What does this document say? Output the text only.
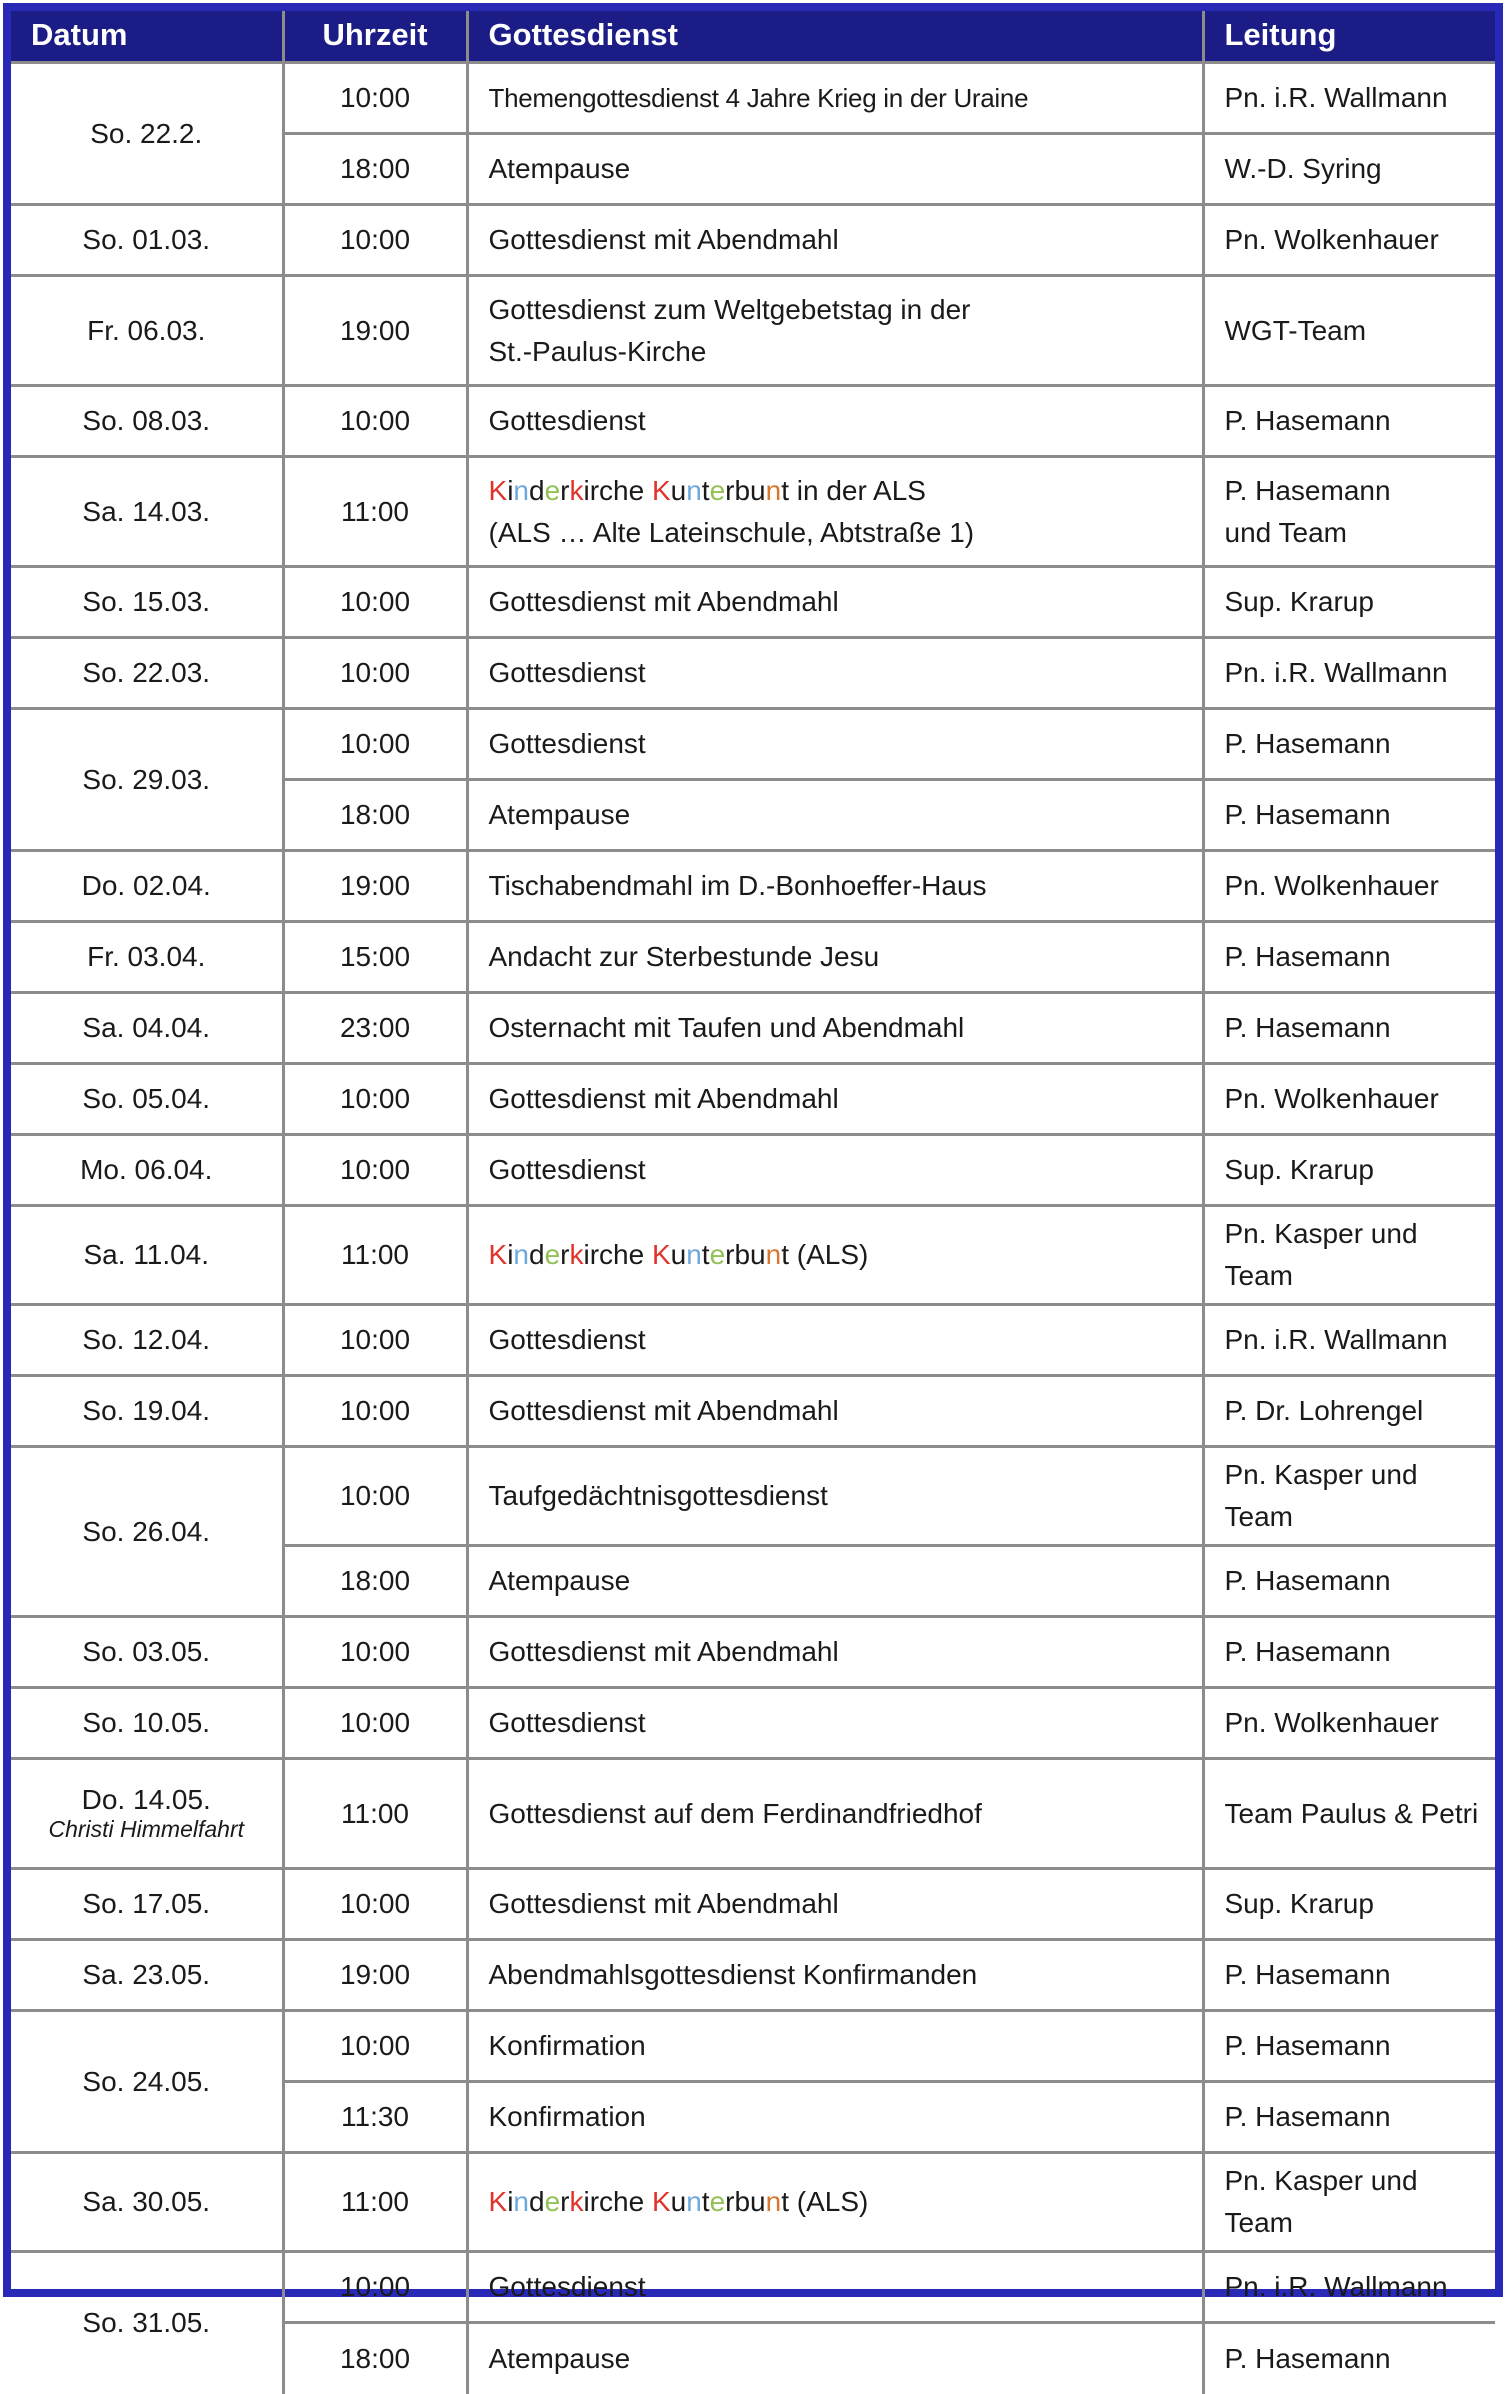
Datum	Uhrzeit	Gottesdienst	Leitung
So. 22.2.	10:00	Themengottesdienst 4 Jahre Krieg in der Uraine	Pn. i.R. Wallmann

	18:00	Atempause	W.-D. Syring

So. 01.03.	10:00	Gottesdienst mit Abendmahl	Pn. Wolkenhauer

Fr. 06.03.	19:00	Gottesdienst zum Weltgebetstag in der
St.-Paulus-Kirche	WGT-Team

So. 08.03.	10:00	Gottesdienst	P. Hasemann

Sa. 14.03.	11:00	Kinderkirche Kunterbunt in der ALS
(ALS … Alte Lateinschule, Abtstraße 1)	P. Hasemann
und Team

So. 15.03.	10:00	Gottesdienst mit Abendmahl	Sup. Krarup

So. 22.03.	10:00	Gottesdienst	Pn. i.R. Wallmann

So. 29.03.	10:00	Gottesdienst	P. Hasemann

	18:00	Atempause	P. Hasemann

Do. 02.04.	19:00	Tischabendmahl im D.-Bonhoeffer-Haus	Pn. Wolkenhauer

Fr. 03.04.	15:00	Andacht zur Sterbestunde Jesu	P. Hasemann

Sa. 04.04.	23:00	Osternacht mit Taufen und Abendmahl	P. Hasemann

So. 05.04.	10:00	Gottesdienst mit Abendmahl	Pn. Wolkenhauer

Mo. 06.04.	10:00	Gottesdienst	Sup. Krarup

Sa. 11.04.	11:00	Kinderkirche Kunterbunt (ALS)	Pn. Kasper und Team

So. 12.04.	10:00	Gottesdienst	Pn. i.R. Wallmann

So. 19.04.	10:00	Gottesdienst mit Abendmahl	P. Dr. Lohrengel

So. 26.04.	10:00	Taufgedächtnisgottesdienst	Pn. Kasper und Team

	18:00	Atempause	P. Hasemann

So. 03.05.	10:00	Gottesdienst mit Abendmahl	P. Hasemann

So. 10.05.	10:00	Gottesdienst	Pn. Wolkenhauer

Do. 14.05.
Christi Himmelfahrt	11:00	Gottesdienst auf dem Ferdinandfriedhof	Team Paulus & Petri

So. 17.05.	10:00	Gottesdienst mit Abendmahl	Sup. Krarup

Sa. 23.05.	19:00	Abendmahlsgottesdienst Konfirmanden	P. Hasemann

So. 24.05.	10:00	Konfirmation	P. Hasemann

	11:30	Konfirmation	P. Hasemann

Sa. 30.05.	11:00	Kinderkirche Kunterbunt (ALS)	Pn. Kasper und Team

So. 31.05.	10:00	Gottesdienst	Pn. i.R. Wallmann

	18:00	Atempause	P. Hasemann
